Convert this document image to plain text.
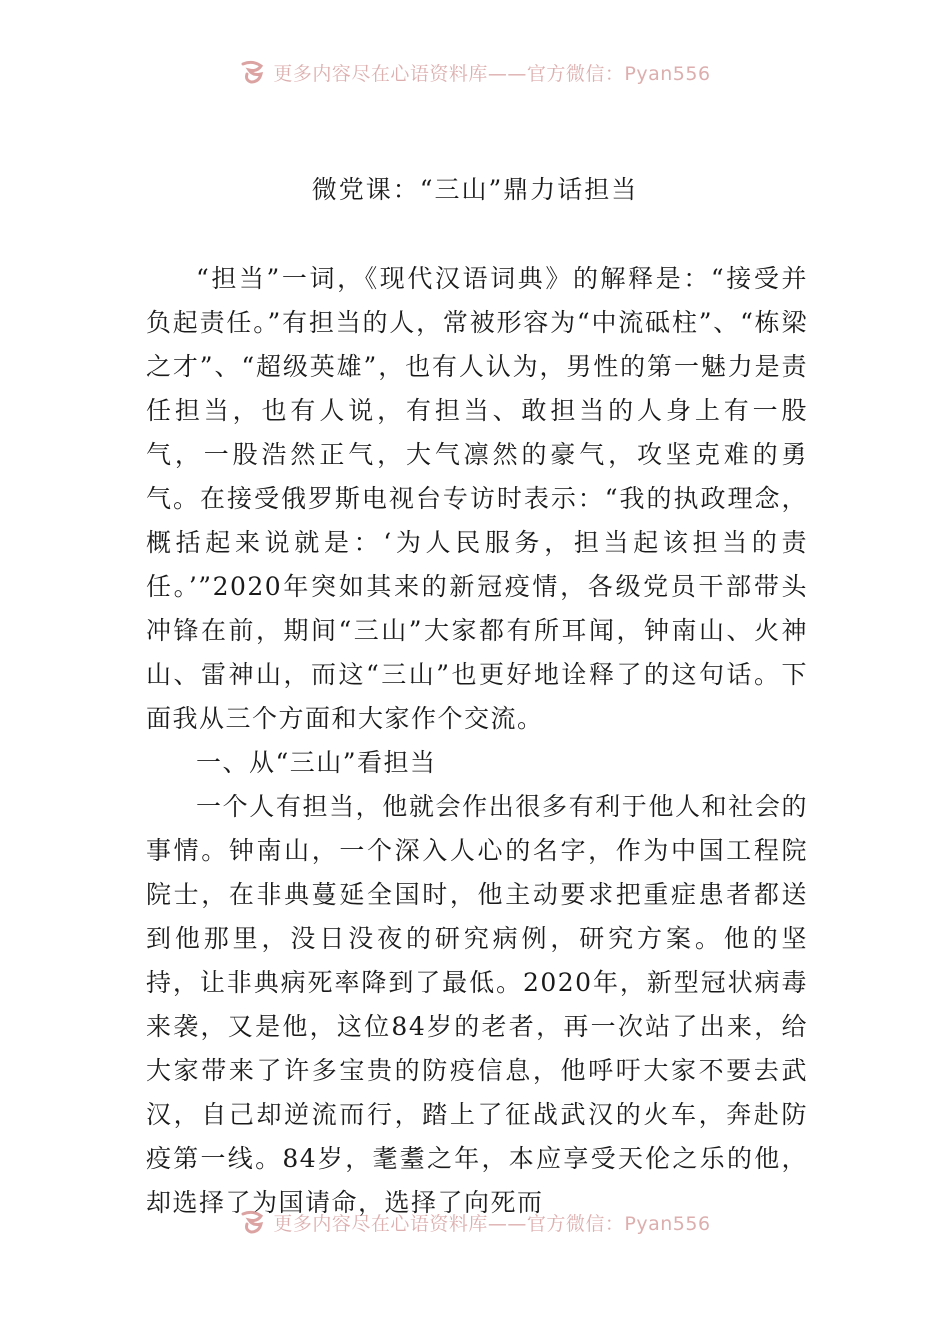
更多内容尽在心语资料库——官方微信：Pyan556
微党课：“三山”鼎力话担当

“担当”一词，《现代汉语词典》的解释是：“接受并负起责任。”有担当的人，常被形容为“中流砥柱”、“栋梁之才”、“超级英雄”，也有人认为，男性的第一魅力是责任担当，也有人说，有担当、敢担当的人身上有一股气，一股浩然正气，大气凛然的豪气，攻坚克难的勇气。在接受俄罗斯电视台专访时表示：“我的执政理念，概括起来说就是：‘为人民服务，担当起该担当的责任。’”2020年突如其来的新冠疫情，各级党员干部带头冲锋在前，期间“三山”大家都有所耳闻，钟南山、火神山、雷神山，而这“三山”也更好地诠释了的这句话。下面我从三个方面和大家作个交流。

一、从“三山”看担当

一个人有担当，他就会作出很多有利于他人和社会的事情。钟南山，一个深入人心的名字，作为中国工程院院士，在非典蔓延全国时，他主动要求把重症患者都送到他那里，没日没夜的研究病例，研究方案。他的坚持，让非典病死率降到了最低。2020年，新型冠状病毒来袭，又是他，这位84岁的老者，再一次站了出来，给大家带来了许多宝贵的防疫信息，他呼吁大家不要去武汉，自己却逆流而行，踏上了征战武汉的火车，奔赴防疫第一线。84岁，耄耋之年，本应享受天伦之乐的他，却选择了为国请命，选择了向死而

更多内容尽在心语资料库——官方微信：Pyan556
